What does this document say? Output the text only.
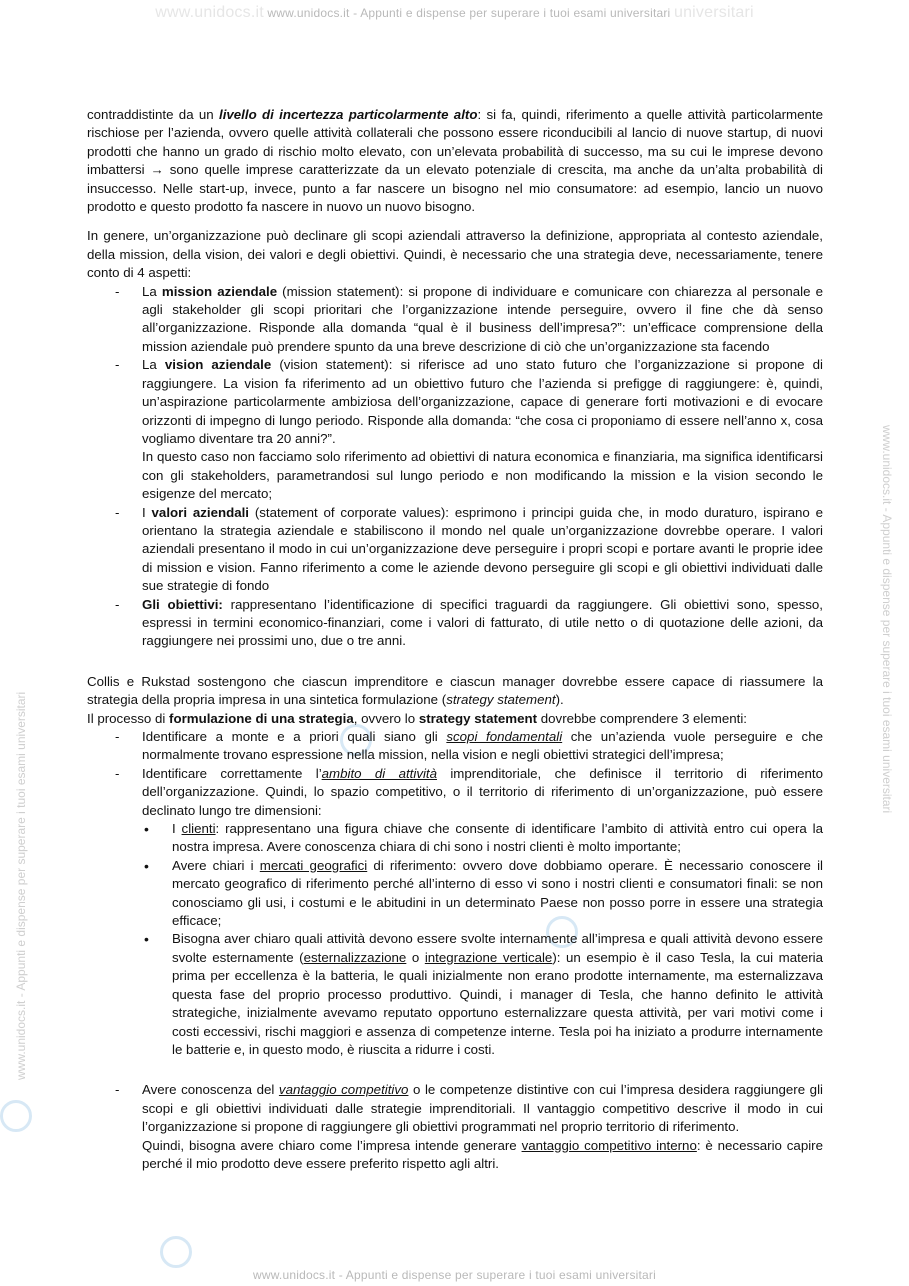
www.unidocs.it www.unidocs.it - Appunti e dispense per superare i tuoi esami universitari universitari
www.unidocs.it - Appunti e dispense per superare i tuoi esami universitari
www.unidocs.it - Appunti e dispense per superare i tuoi esami universitari

contraddistinte da un livello di incertezza particolarmente alto: si fa, quindi, riferimento a quelle attività particolarmente rischiose per l’azienda, ovvero quelle attività collaterali che possono essere riconducibili al lancio di nuove startup, di nuovi prodotti che hanno un grado di rischio molto elevato, con un’elevata probabilità di successo, ma su cui le imprese devono imbattersi → sono quelle imprese caratterizzate da un elevato potenziale di crescita, ma anche da un’alta probabilità di insuccesso. Nelle start-up, invece, punto a far nascere un bisogno nel mio consumatore: ad esempio, lancio un nuovo prodotto e questo prodotto fa nascere in nuovo un nuovo bisogno.

In genere, un’organizzazione può declinare gli scopi aziendali attraverso la definizione, appropriata al contesto aziendale, della mission, della vision, dei valori e degli obiettivi. Quindi, è necessario che una strategia deve, necessariamente, tenere conto di 4 aspetti:

- La mission aziendale (mission statement): si propone di individuare e comunicare con chiarezza al personale e agli stakeholder gli scopi prioritari che l’organizzazione intende perseguire, ovvero il fine che dà senso all’organizzazione. Risponde alla domanda “qual è il business dell’impresa?”: un’efficace comprensione della mission aziendale può prendere spunto da una breve descrizione di ciò che un’organizzazione sta facendo
- La vision aziendale (vision statement): si riferisce ad uno stato futuro che l’organizzazione si propone di raggiungere. La vision fa riferimento ad un obiettivo futuro che l’azienda si prefigge di raggiungere: è, quindi, un’aspirazione particolarmente ambiziosa dell’organizzazione, capace di generare forti motivazioni e di evocare orizzonti di impegno di lungo periodo. Risponde alla domanda: “che cosa ci proponiamo di essere nell’anno x, cosa vogliamo diventare tra 20 anni?”.
In questo caso non facciamo solo riferimento ad obiettivi di natura economica e finanziaria, ma significa identificarsi con gli stakeholders, parametrandosi sul lungo periodo e non modificando la mission e la vision secondo le esigenze del mercato;
- I valori aziendali (statement of corporate values): esprimono i principi guida che, in modo duraturo, ispirano e orientano la strategia aziendale e stabiliscono il mondo nel quale un’organizzazione dovrebbe operare. I valori aziendali presentano il modo in cui un’organizzazione deve perseguire i propri scopi e portare avanti le proprie idee di mission e vision. Fanno riferimento a come le aziende devono perseguire gli scopi e gli obiettivi individuati dalle sue strategie di fondo
- Gli obiettivi: rappresentano l’identificazione di specifici traguardi da raggiungere. Gli obiettivi sono, spesso, espressi in termini economico-finanziari, come i valori di fatturato, di utile netto o di quotazione delle azioni, da raggiungere nei prossimi uno, due o tre anni.

Collis e Rukstad sostengono che ciascun imprenditore e ciascun manager dovrebbe essere capace di riassumere la strategia della propria impresa in una sintetica formulazione (strategy statement).

Il processo di formulazione di una strategia, ovvero lo strategy statement dovrebbe comprendere 3 elementi:

- Identificare a monte e a priori quali siano gli scopi fondamentali che un’azienda vuole perseguire e che normalmente trovano espressione nella mission, nella vision e negli obiettivi strategici dell’impresa;
- Identificare correttamente l’ambito di attività imprenditoriale, che definisce il territorio di riferimento dell’organizzazione. Quindi, lo spazio competitivo, o il territorio di riferimento di un’organizzazione, può essere declinato lungo tre dimensioni:
• I clienti: rappresentano una figura chiave che consente di identificare l’ambito di attività entro cui opera la nostra impresa. Avere conoscenza chiara di chi sono i nostri clienti è molto importante;
• Avere chiari i mercati geografici di riferimento: ovvero dove dobbiamo operare. È necessario conoscere il mercato geografico di riferimento perché all’interno di esso vi sono i nostri clienti e consumatori finali: se non conosciamo gli usi, i costumi e le abitudini in un determinato Paese non posso porre in essere una strategia efficace;
• Bisogna aver chiaro quali attività devono essere svolte internamente all’impresa e quali attività devono essere svolte esternamente (esternalizzazione o integrazione verticale): un esempio è il caso Tesla, la cui materia prima per eccellenza è la batteria, le quali inizialmente non erano prodotte internamente, ma esternalizzava questa fase del proprio processo produttivo. Quindi, i manager di Tesla, che hanno definito le attività strategiche, inizialmente avevamo reputato opportuno esternalizzare questa attività, per vari motivi come i costi eccessivi, rischi maggiori e assenza di competenze interne. Tesla poi ha iniziato a produrre internamente le batterie e, in questo modo, è riuscita a ridurre i costi.
- Avere conoscenza del vantaggio competitivo o le competenze distintive con cui l’impresa desidera raggiungere gli scopi e gli obiettivi individuati dalle strategie imprenditoriali. Il vantaggio competitivo descrive il modo in cui l’organizzazione si propone di raggiungere gli obiettivi programmati nel proprio territorio di riferimento.
Quindi, bisogna avere chiaro come l’impresa intende generare vantaggio competitivo interno: è necessario capire perché il mio prodotto deve essere preferito rispetto agli altri.
www.unidocs.it - Appunti e dispense per superare i tuoi esami universitari
